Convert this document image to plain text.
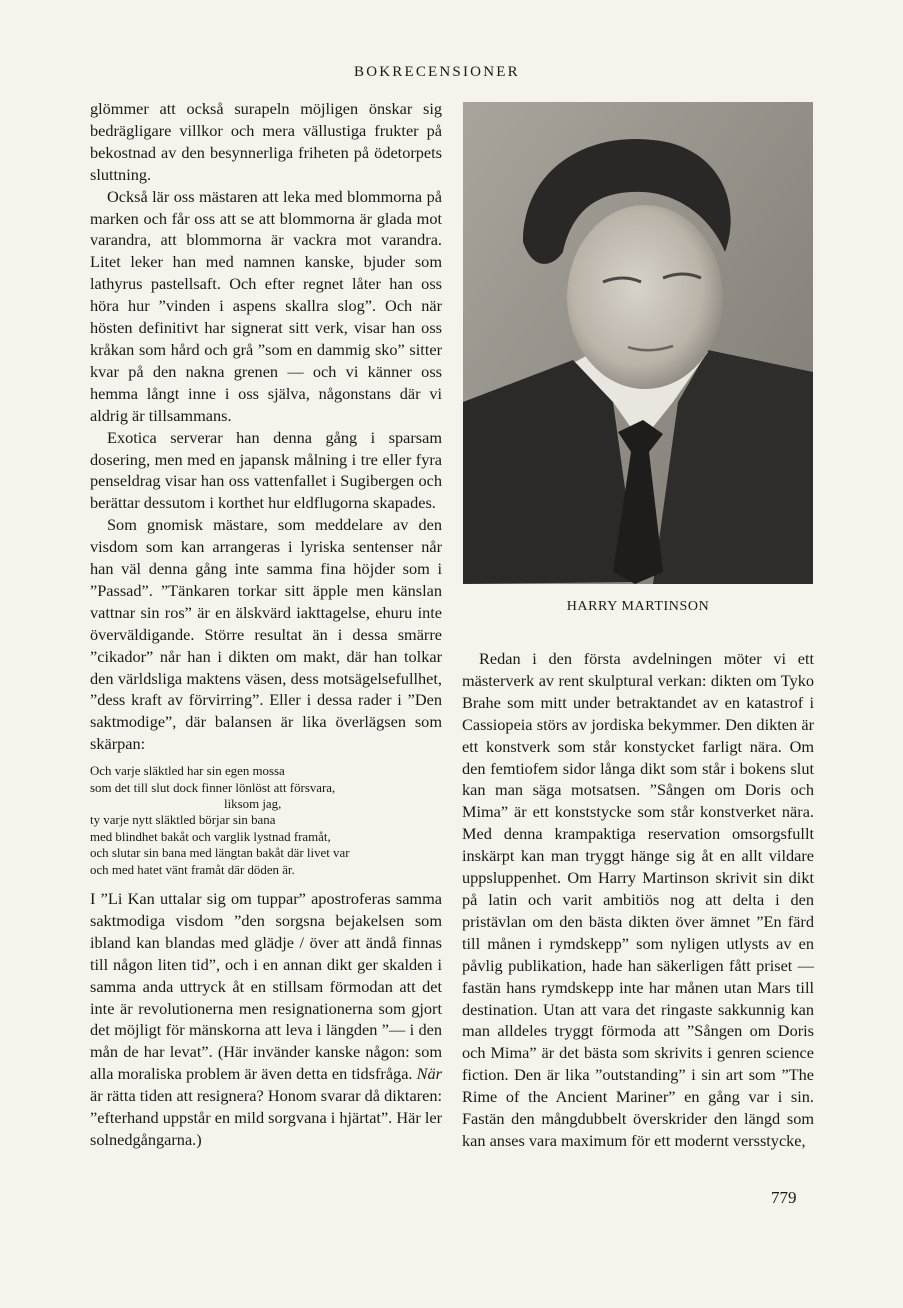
BOKRECENSIONER

glömmer att också surapeln möjligen önskar sig bedrägligare villkor och mera vällustiga frukter på bekostnad av den besynnerliga friheten på ödetorpets sluttning.

Också lär oss mästaren att leka med blommorna på marken och får oss att se att blommorna är glada mot varandra, att blommorna är vackra mot varandra. Litet leker han med namnen kanske, bjuder som lathyrus pastellsaft. Och efter regnet låter han oss höra hur ”vinden i aspens skallra slog”. Och när hösten definitivt har signerat sitt verk, visar han oss kråkan som hård och grå ”som en dammig sko” sitter kvar på den nakna grenen — och vi känner oss hemma långt inne i oss själva, någonstans där vi aldrig är tillsammans.

Exotica serverar han denna gång i sparsam dosering, men med en japansk målning i tre eller fyra penseldrag visar han oss vattenfallet i Sugibergen och berättar dessutom i korthet hur eldflugorna skapades.

Som gnomisk mästare, som meddelare av den visdom som kan arrangeras i lyriska sentenser når han väl denna gång inte samma fina höjder som i ”Passad”. ”Tänkaren torkar sitt äpple men känslan vattnar sin ros” är en älskvärd iakttagelse, ehuru inte överväldigande. Större resultat än i dessa smärre ”cikador” når han i dikten om makt, där han tolkar den världsliga maktens väsen, dess motsägelsefullhet, ”dess kraft av förvirring”. Eller i dessa rader i ”Den saktmodige”, där balansen är lika överlägsen som skärpan:

Och varje släktled har sin egen mossa
som det till slut dock finner lönlöst att försvara,
liksom jag,
ty varje nytt släktled börjar sin bana
med blindhet bakåt och varglik lystnad framåt,
och slutar sin bana med längtan bakåt där livet var
och med hatet vänt framåt där döden är.

I ”Li Kan uttalar sig om tuppar” apostroferas samma saktmodiga visdom ”den sorgsna bejakelsen som ibland kan blandas med glädje / över att ändå finnas till någon liten tid”, och i en annan dikt ger skalden i samma anda uttryck åt en stillsam förmodan att det inte är revolutionerna men resignationerna som gjort det möjligt för mänskorna att leva i längden ”— i den mån de har levat”. (Här invänder kanske någon: som alla moraliska problem är även detta en tidsfråga. När är rätta tiden att resignera? Honom svarar då diktaren: ”efterhand uppstår en mild sorgvana i hjärtat”. Här ler solnedgångarna.)

HARRY MARTINSON

Redan i den första avdelningen möter vi ett mästerverk av rent skulptural verkan: dikten om Tyko Brahe som mitt under betraktandet av en katastrof i Cassiopeia störs av jordiska bekymmer. Den dikten är ett konstverk som står konstycket farligt nära. Om den femtiofem sidor långa dikt som står i bokens slut kan man säga motsatsen. ”Sången om Doris och Mima” är ett konststycke som står konstverket nära. Med denna krampaktiga reservation omsorgsfullt inskärpt kan man tryggt hänge sig åt en allt vildare uppsluppenhet. Om Harry Martinson skrivit sin dikt på latin och varit ambitiös nog att delta i den pristävlan om den bästa dikten över ämnet ”En färd till månen i rymdskepp” som nyligen utlysts av en påvlig publikation, hade han säkerligen fått priset — fastän hans rymdskepp inte har månen utan Mars till destination. Utan att vara det ringaste sakkunnig kan man alldeles tryggt förmoda att ”Sången om Doris och Mima” är det bästa som skrivits i genren science fiction. Den är lika ”outstanding” i sin art som ”The Rime of the Ancient Mariner” en gång var i sin. Fastän den mångdubbelt överskrider den längd som kan anses vara maximum för ett modernt versstycke,

779
